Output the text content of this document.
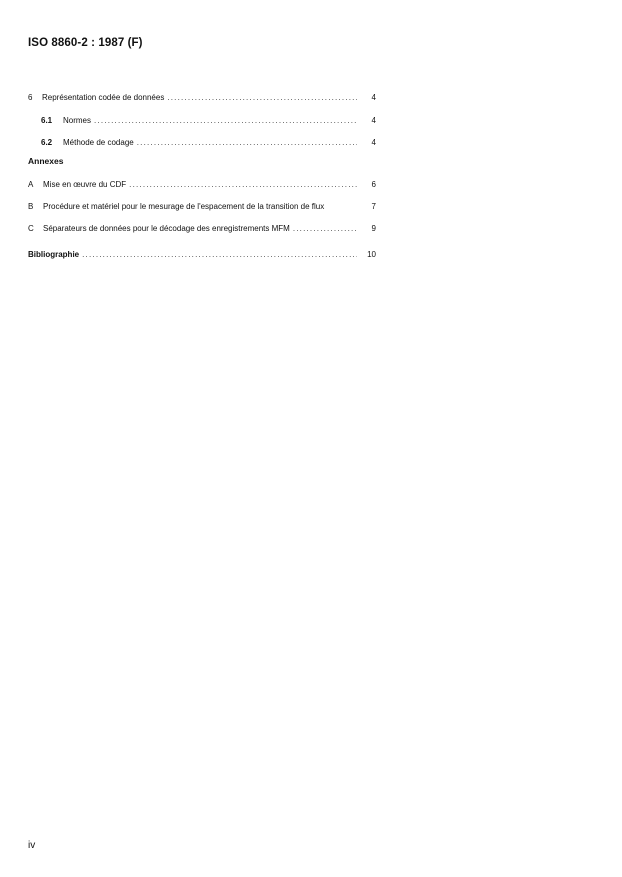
ISO 8860-2 : 1987 (F)
6	Représentation codée de données .....	4
6.1	Normes .....	4
6.2	Méthode de codage .....	4
Annexes
A	Mise en œuvre du CDF .....	6
B	Procédure et matériel pour le mesurage de l'espacement de la transition de flux	7
C	Séparateurs de données pour le décodage des enregistrements MFM .....	9
Bibliographie .....	10
iv
